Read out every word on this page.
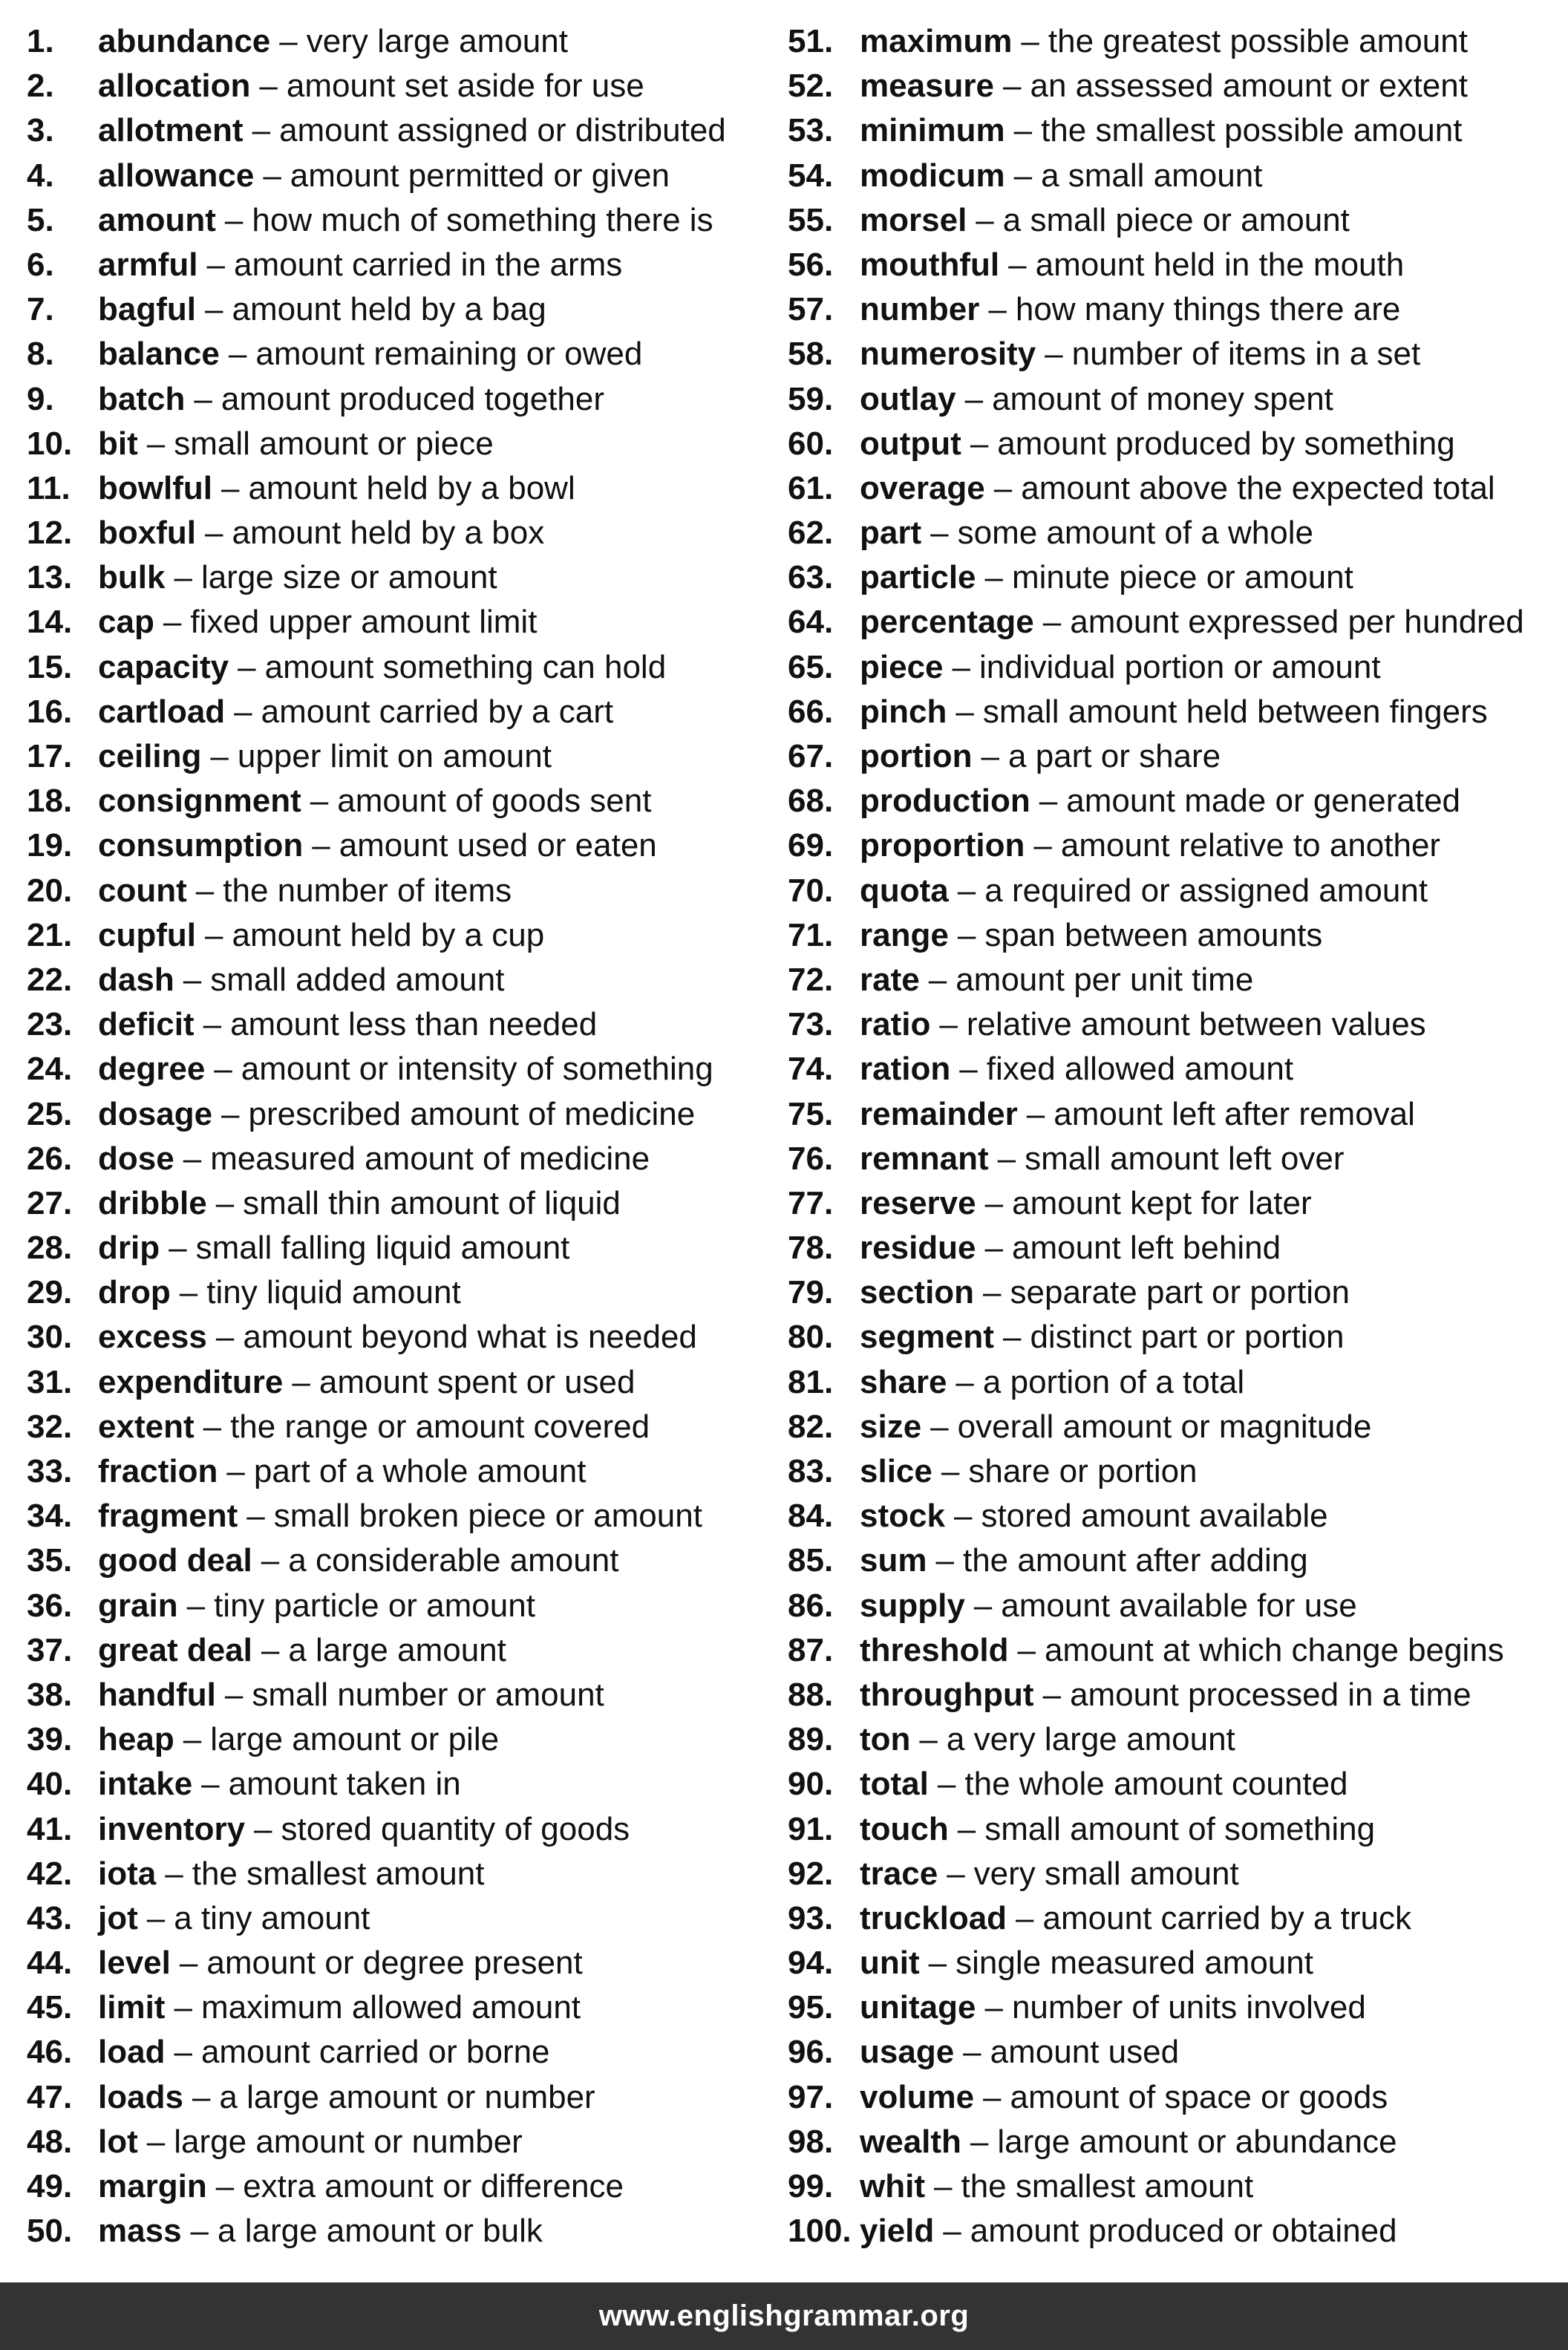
1.	abundance – very large amount
2.	allocation – amount set aside for use
3.	allotment – amount assigned or distributed
4.	allowance – amount permitted or given
5.	amount – how much of something there is
6.	armful – amount carried in the arms
7.	bagful – amount held by a bag
8.	balance – amount remaining or owed
9.	batch – amount produced together
10. bit – small amount or piece
11. bowlful – amount held by a bowl
12. boxful – amount held by a box
13. bulk – large size or amount
14. cap – fixed upper amount limit
15. capacity – amount something can hold
16. cartload – amount carried by a cart
17. ceiling – upper limit on amount
18. consignment – amount of goods sent
19. consumption – amount used or eaten
20. count – the number of items
21. cupful – amount held by a cup
22. dash – small added amount
23. deficit – amount less than needed
24. degree – amount or intensity of something
25. dosage – prescribed amount of medicine
26. dose – measured amount of medicine
27. dribble – small thin amount of liquid
28. drip – small falling liquid amount
29. drop – tiny liquid amount
30. excess – amount beyond what is needed
31. expenditure – amount spent or used
32. extent – the range or amount covered
33. fraction – part of a whole amount
34. fragment – small broken piece or amount
35. good deal – a considerable amount
36. grain – tiny particle or amount
37. great deal – a large amount
38. handful – small number or amount
39. heap – large amount or pile
40. intake – amount taken in
41. inventory – stored quantity of goods
42. iota – the smallest amount
43. jot – a tiny amount
44. level – amount or degree present
45. limit – maximum allowed amount
46. load – amount carried or borne
47. loads – a large amount or number
48. lot – large amount or number
49. margin – extra amount or difference
50. mass – a large amount or bulk
51. maximum – the greatest possible amount
52. measure – an assessed amount or extent
53. minimum – the smallest possible amount
54. modicum – a small amount
55. morsel – a small piece or amount
56. mouthful – amount held in the mouth
57. number – how many things there are
58. numerosity – number of items in a set
59. outlay – amount of money spent
60. output – amount produced by something
61. overage – amount above the expected total
62. part – some amount of a whole
63. particle – minute piece or amount
64. percentage – amount expressed per hundred
65. piece – individual portion or amount
66. pinch – small amount held between fingers
67. portion – a part or share
68. production – amount made or generated
69. proportion – amount relative to another
70. quota – a required or assigned amount
71. range – span between amounts
72. rate – amount per unit time
73. ratio – relative amount between values
74. ration – fixed allowed amount
75. remainder – amount left after removal
76. remnant – small amount left over
77. reserve – amount kept for later
78. residue – amount left behind
79. section – separate part or portion
80. segment – distinct part or portion
81. share – a portion of a total
82. size – overall amount or magnitude
83. slice – share or portion
84. stock – stored amount available
85. sum – the amount after adding
86. supply – amount available for use
87. threshold – amount at which change begins
88. throughput – amount processed in a time
89. ton – a very large amount
90. total – the whole amount counted
91. touch – small amount of something
92. trace – very small amount
93. truckload – amount carried by a truck
94. unit – single measured amount
95. unitage – number of units involved
96. usage – amount used
97. volume – amount of space or goods
98. wealth – large amount or abundance
99. whit – the smallest amount
100. yield – amount produced or obtained
www.englishgrammar.org
